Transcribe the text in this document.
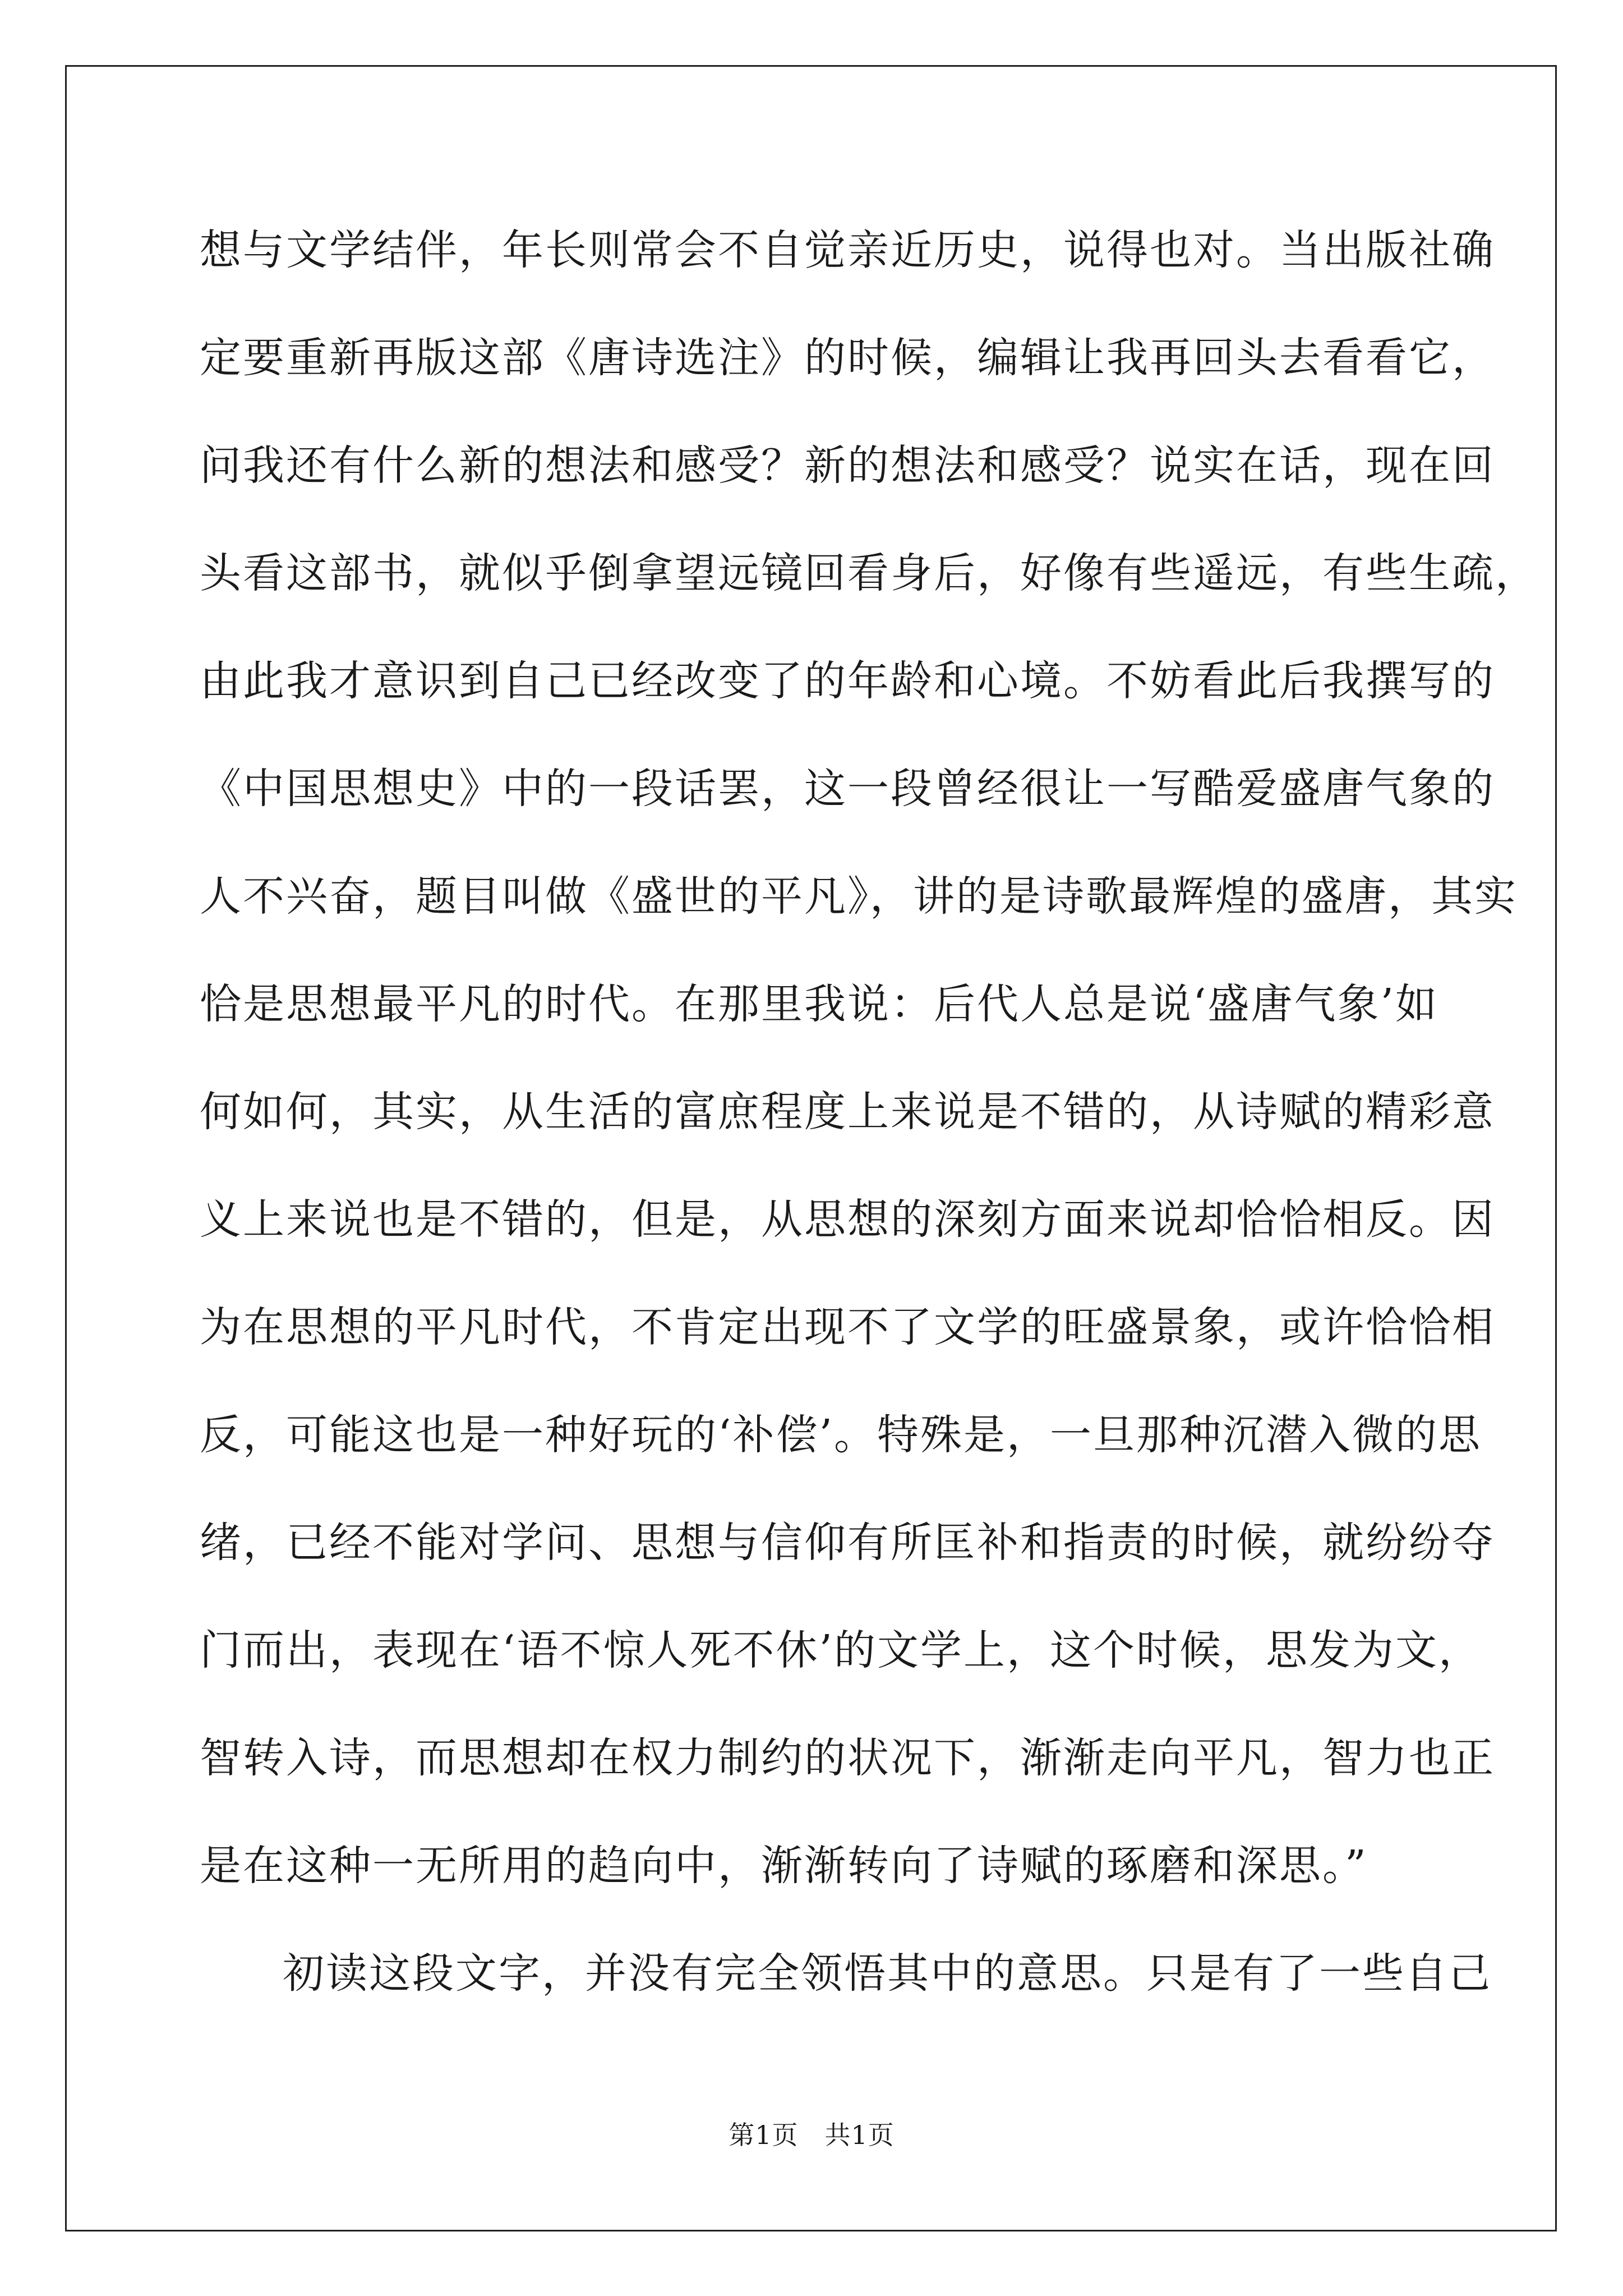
想与文学结伴，年长则常会不自觉亲近历史，说得也对。当出版社确
定要重新再版这部《唐诗选注》的时候，编辑让我再回头去看看它，
问我还有什么新的想法和感受？新的想法和感受？说实在话，现在回
头看这部书，就似乎倒拿望远镜回看身后，好像有些遥远，有些生疏，
由此我才意识到自己已经改变了的年龄和心境。不妨看此后我撰写的
《中国思想史》中的一段话罢，这一段曾经很让一写酷爱盛唐气象的
人不兴奋，题目叫做《盛世的平凡》，讲的是诗歌最辉煌的盛唐，其实
恰是思想最平凡的时代。在那里我说：后代人总是说‘盛唐气象’如
何如何，其实，从生活的富庶程度上来说是不错的，从诗赋的精彩意
义上来说也是不错的，但是，从思想的深刻方面来说却恰恰相反。因
为在思想的平凡时代，不肯定出现不了文学的旺盛景象，或许恰恰相
反，可能这也是一种好玩的‘补偿’。特殊是，一旦那种沉潜入微的思
绪，已经不能对学问、思想与信仰有所匡补和指责的时候，就纷纷夺
门而出，表现在‘语不惊人死不休’的文学上，这个时候，思发为文，
智转入诗，而思想却在权力制约的状况下，渐渐走向平凡，智力也正
是在这种一无所用的趋向中，渐渐转向了诗赋的琢磨和深思。”
初读这段文字，并没有完全领悟其中的意思。只是有了一些自己
第1页　共1页
